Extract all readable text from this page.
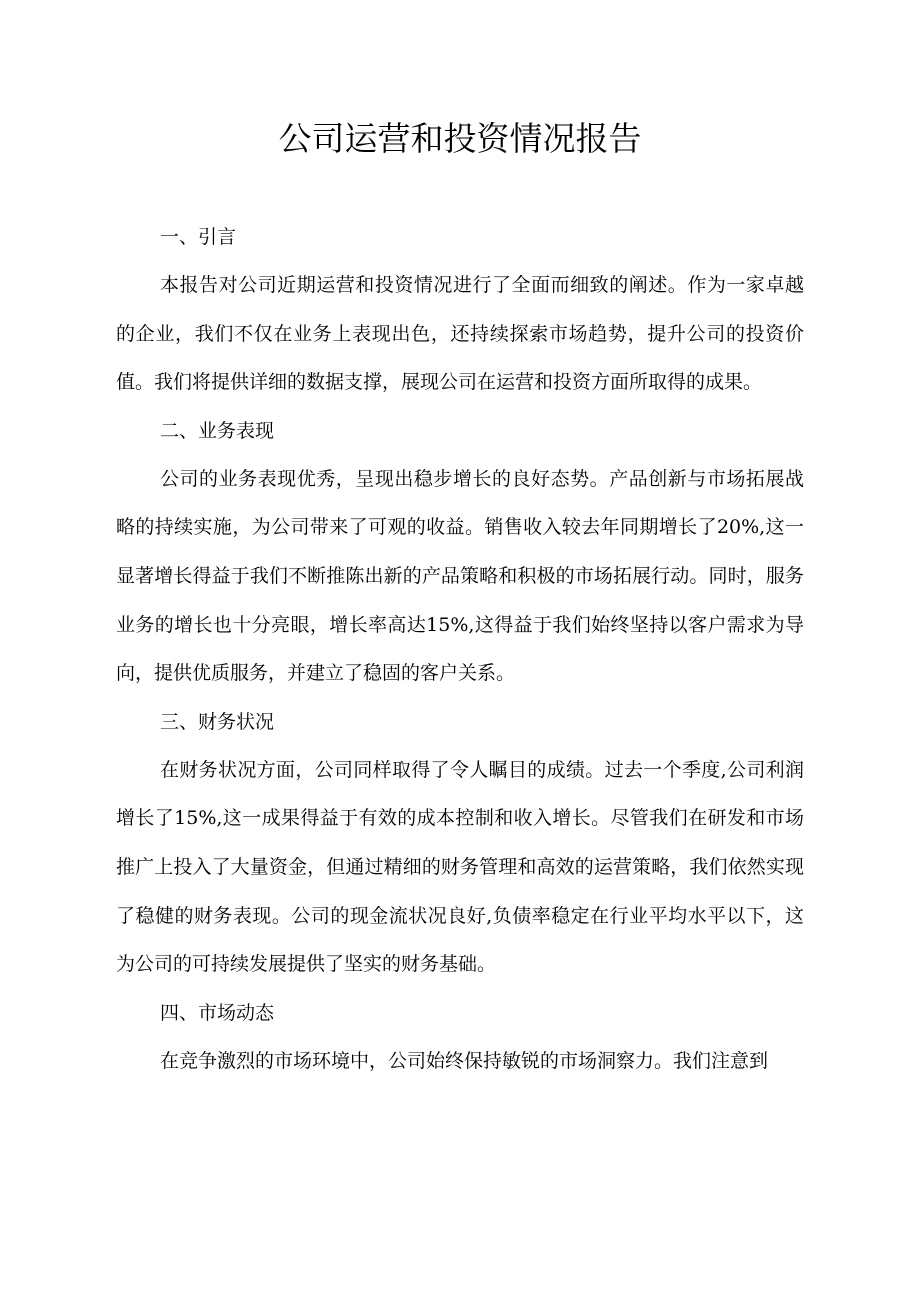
公司运营和投资情况报告
一、引言

本报告对公司近期运营和投资情况进行了全面而细致的阐述。作为一家卓越的企业，我们不仅在业务上表现出色，还持续探索市场趋势，提升公司的投资价值。我们将提供详细的数据支撑，展现公司在运营和投资方面所取得的成果。

二、业务表现

公司的业务表现优秀，呈现出稳步增长的良好态势。产品创新与市场拓展战略的持续实施，为公司带来了可观的收益。销售收入较去年同期增长了20%,这一显著增长得益于我们不断推陈出新的产品策略和积极的市场拓展行动。同时，服务业务的增长也十分亮眼，增长率高达15%,这得益于我们始终坚持以客户需求为导向，提供优质服务，并建立了稳固的客户关系。

三、财务状况

在财务状况方面，公司同样取得了令人瞩目的成绩。过去一个季度,公司利润增长了15%,这一成果得益于有效的成本控制和收入增长。尽管我们在研发和市场推广上投入了大量资金，但通过精细的财务管理和高效的运营策略，我们依然实现了稳健的财务表现。公司的现金流状况良好,负债率稳定在行业平均水平以下，这为公司的可持续发展提供了坚实的财务基础。

四、市场动态

在竞争激烈的市场环境中，公司始终保持敏锐的市场洞察力。我们注意到
